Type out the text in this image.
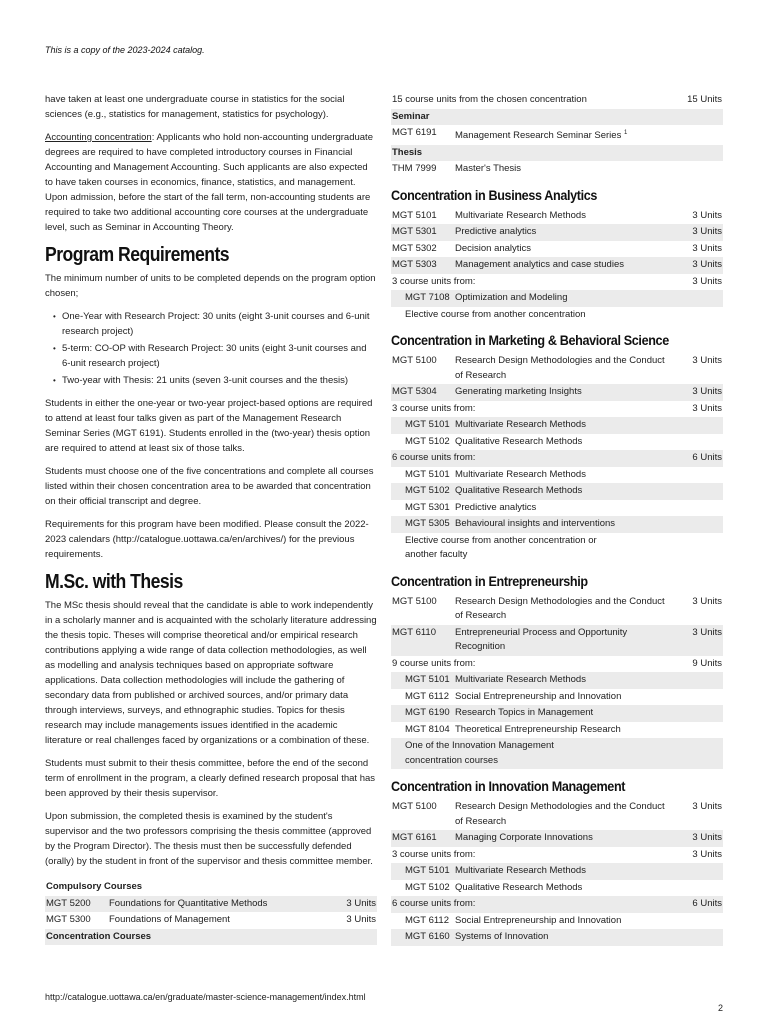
This is a copy of the 2023-2024 catalog.

have taken at least one undergraduate course in statistics for the social sciences (e.g., statistics for management, statistics for psychology).

Accounting concentration: Applicants who hold non-accounting undergraduate degrees are required to have completed introductory courses in Financial Accounting and Management Accounting. Such applicants are also expected to have taken courses in economics, finance, statistics, and management. Upon admission, before the start of the fall term, non-accounting students are required to take two additional accounting core courses at the undergraduate level, such as Seminar in Accounting Theory.

Program Requirements

The minimum number of units to be completed depends on the program option chosen;

• One-Year with Research Project: 30 units (eight 3-unit courses and 6-unit research project)
• 5-term: CO-OP with Research Project: 30 units (eight 3-unit courses and 6-unit research project)
• Two-year with Thesis: 21 units (seven 3-unit courses and the thesis)

Students in either the one-year or two-year project-based options are required to attend at least four talks given as part of the Management Research Seminar Series (MGT 6191). Students enrolled in the (two-year) thesis option are required to attend at least six of those talks.

Students must choose one of the five concentrations and complete all courses listed within their chosen concentration area to be awarded that concentration on their official transcript and degree.

Requirements for this program have been modified. Please consult the 2022-2023 calendars (http://catalogue.uottawa.ca/en/archives/) for the previous requirements.

M.Sc. with Thesis

The MSc thesis should reveal that the candidate is able to work independently in a scholarly manner and is acquainted with the scholarly literature addressing the thesis topic. Theses will comprise theoretical and/or empirical research contributions applying a wide range of data collection methodologies, as well as modelling and analysis techniques based on appropriate software applications. Data collection methodologies will include the gathering of secondary data from published or archived sources, and/or primary data through interviews, surveys, and ethnographic studies. Topics for thesis research may include managements issues identified in the academic literature or real challenges faced by organizations or a combination of these.

Students must submit to their thesis committee, before the end of the second term of enrollment in the program, a clearly defined research proposal that has been approved by their thesis supervisor.

Upon submission, the completed thesis is examined by the student's supervisor and the two professors comprising the thesis committee (approved by the Program Director). The thesis must then be successfully defended (orally) by the student in front of the supervisor and thesis committee member.

Compulsory Courses		
MGT 5200	Foundations for Quantitative Methods	3 Units
MGT 5300	Foundations of Management	3 Units
Concentration Courses		
15 course units from the chosen concentration		15 Units
Seminar		
MGT 6191	Management Research Seminar Series $^1$	
Thesis		
THM 7999	Master's Thesis	
Concentration in Business Analytics
MGT 5101	Multivariate Research Methods	3 Units
MGT 5301	Predictive analytics	3 Units
MGT 5302	Decision analytics	3 Units
MGT 5303	Management analytics and case studies	3 Units
3 course units from:		3 Units
MGT 7108	Optimization and Modeling	
Elective course from another concentration		
Concentration in Marketing & Behavioral Science
MGT 5100	Research Design Methodologies and the Conduct of Research	3 Units
MGT 5304	Generating marketing Insights	3 Units
3 course units from:		3 Units
MGT 5101	Multivariate Research Methods	
MGT 5102	Qualitative Research Methods	
6 course units from:		6 Units
MGT 5101	Multivariate Research Methods	
MGT 5102	Qualitative Research Methods	
MGT 5301	Predictive analytics	
MGT 5305	Behavioural insights and interventions	
Elective course from another concentration or another faculty		
Concentration in Entrepreneurship
MGT 5100	Research Design Methodologies and the Conduct of Research	3 Units
MGT 6110	Entrepreneurial Process and Opportunity Recognition	3 Units
9 course units from:		9 Units
MGT 5101	Multivariate Research Methods	
MGT 6112	Social Entrepreneurship and Innovation	
MGT 6190	Research Topics in Management	
MGT 8104	Theoretical Entrepreneurship Research	
One of the Innovation Management concentration courses		
Concentration in Innovation Management
MGT 5100	Research Design Methodologies and the Conduct of Research	3 Units
MGT 6161	Managing Corporate Innovations	3 Units
3 course units from:		3 Units
MGT 5101	Multivariate Research Methods	
MGT 5102	Qualitative Research Methods	
6 course units from:		6 Units
MGT 6112	Social Entrepreneurship and Innovation	
MGT 6160	Systems of Innovation	
http://catalogue.uottawa.ca/en/graduate/master-science-management/index.html
2
